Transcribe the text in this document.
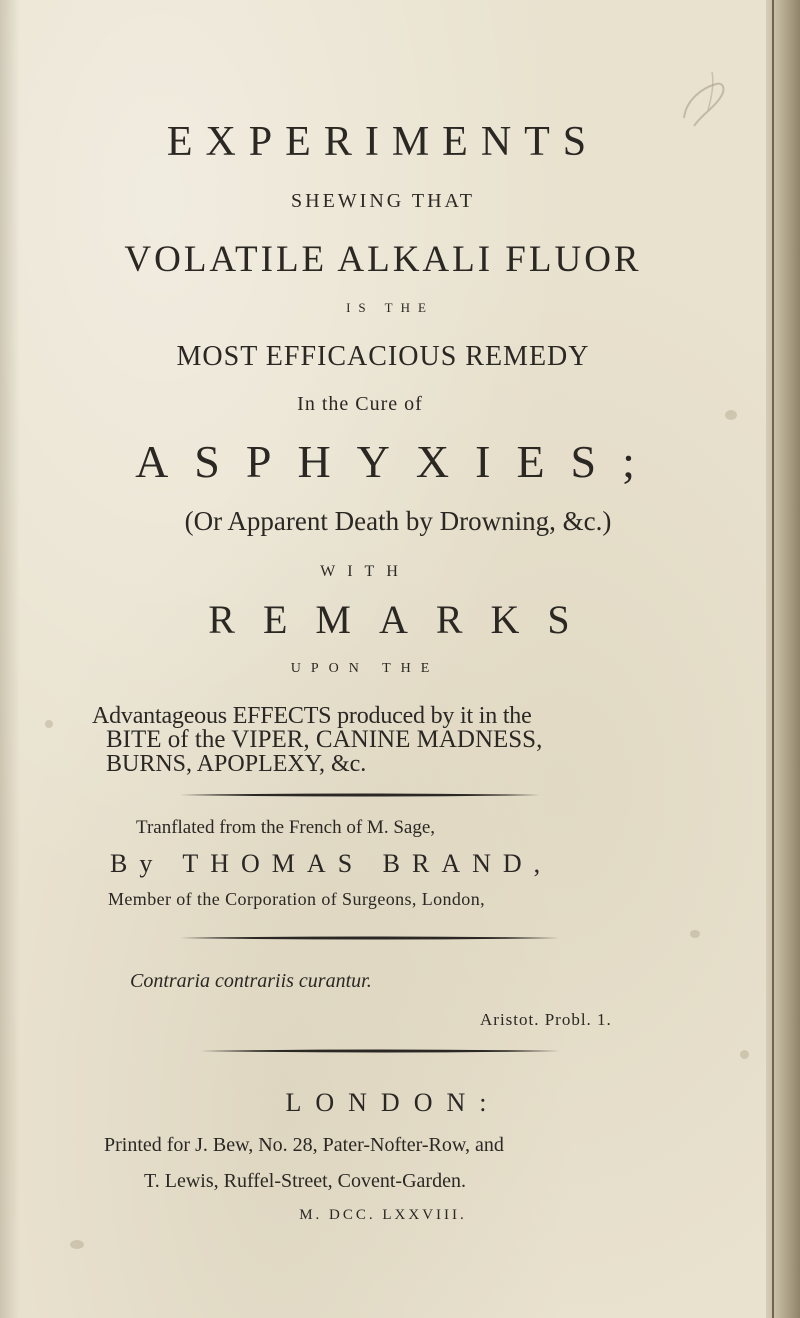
EXPERIMENTS
SHEWING THAT
VOLATILE ALKALI FLUOR
IS THE
MOST EFFICACIOUS REMEDY
In the Cure of
ASPHYXIES;
(Or Apparent Death by Drowning, &c.)
WITH
REMARKS
UPON THE
Advantageous EFFECTS produced by it in the
BITE of the VIPER, CANINE MADNESS,
BURNS, APOPLEXY, &c.
Tranflated from the French of M. Sage,
By THOMAS BRAND,
Member of the Corporation of Surgeons, London,
Contraria contrariis curantur.
Aristot. Probl. 1.
LONDON:
Printed for J. Bew, No. 28, Pater-Nofter-Row, and
T. Lewis, Ruffel-Street, Covent-Garden.
M. DCC. LXXVIII.
